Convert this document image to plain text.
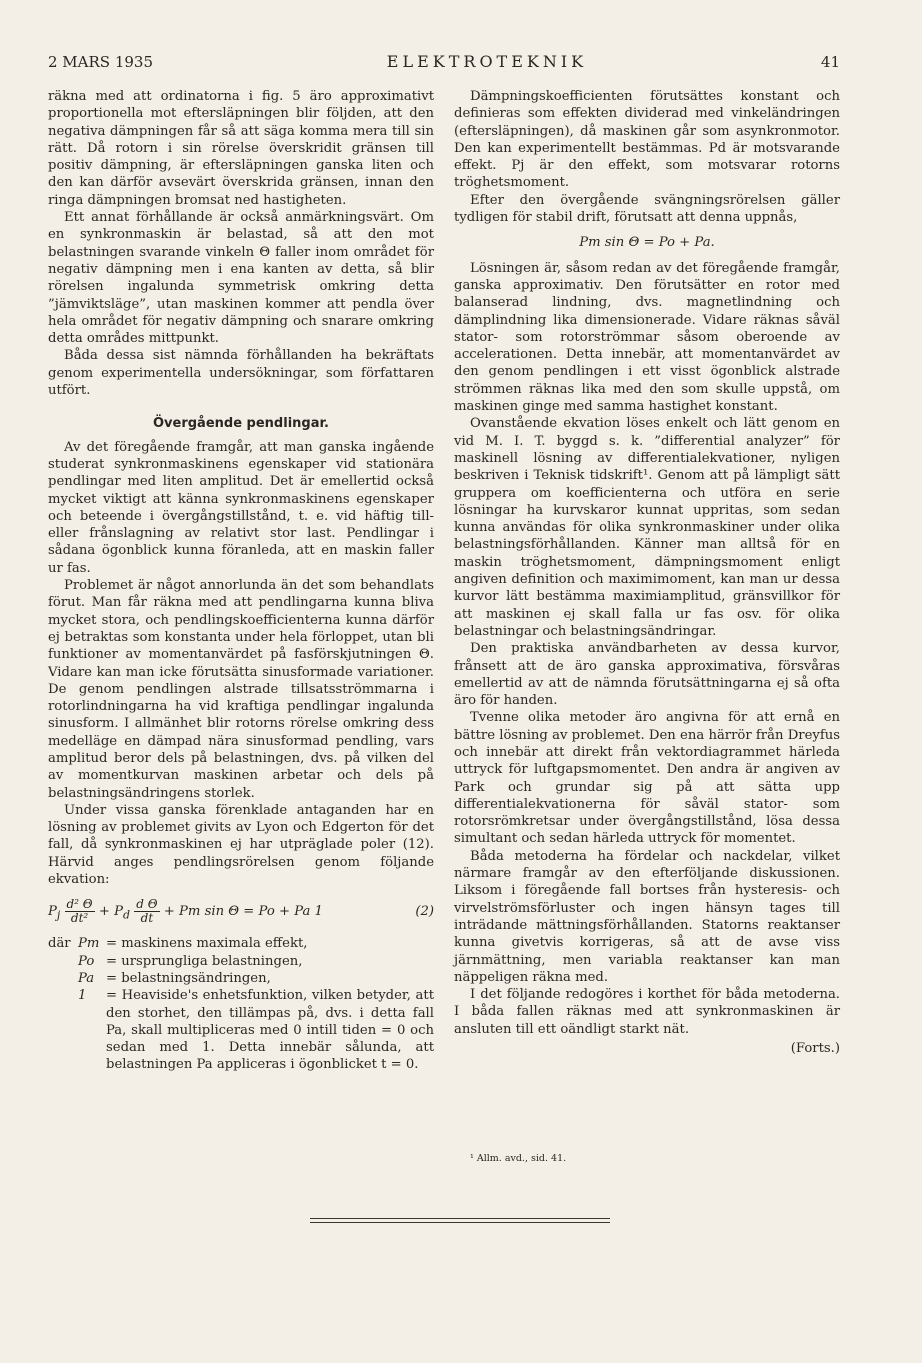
2 MARS 1935	ELEKTROTEKNIK	41

räkna med att ordinatorna i fig. 5 äro approximativt proportionella mot eftersläpningen blir följden, att den negativa dämpningen får så att säga komma mera till sin rätt. Då rotorn i sin rörelse överskridit gränsen till positiv dämpning, är eftersläpningen ganska liten och den kan därför avsevärt överskrida gränsen, innan den ringa dämpningen bromsat ned hastigheten.

Ett annat förhållande är också anmärkningsvärt. Om en synkronmaskin är belastad, så att den mot belastningen svarande vinkeln Θ faller inom området för negativ dämpning men i ena kanten av detta, så blir rörelsen ingalunda symmetrisk omkring detta ”jämviktsläge”, utan maskinen kommer att pendla över hela området för negativ dämpning och snarare omkring detta områdes mittpunkt.

Båda dessa sist nämnda förhållanden ha bekräftats genom experimentella undersökningar, som författaren utfört.

Övergående pendlingar.

Av det föregående framgår, att man ganska ingående studerat synkronmaskinens egenskaper vid stationära pendlingar med liten amplitud. Det är emellertid också mycket viktigt att känna synkronmaskinens egenskaper och beteende i övergångstillstånd, t. e. vid häftig till- eller frånslagning av relativt stor last. Pendlingar i sådana ögonblick kunna föranleda, att en maskin faller ur fas.

Problemet är något annorlunda än det som behandlats förut. Man får räkna med att pendlingarna kunna bliva mycket stora, och pendlingskoefficienterna kunna därför ej betraktas som konstanta under hela förloppet, utan bli funktioner av momentanvärdet på fasförskjutningen Θ. Vidare kan man icke förutsätta sinusformade variationer. De genom pendlingen alstrade tillsatsströmmarna i rotorlindningarna ha vid kraftiga pendlingar ingalunda sinusform. I allmänhet blir rotorns rörelse omkring dess medelläge en dämpad nära sinusformad pendling, vars amplitud beror dels på belastningen, dvs. på vilken del av momentkurvan maskinen arbetar och dels på belastningsändringens storlek.

Under vissa ganska förenklade antaganden har en lösning av problemet givits av Lyon och Edgerton för det fall, då synkronmaskinen ej har utpräglade poler (12). Härvid anges pendlingsrörelsen genom följande ekvation:

$P_j \frac{\text{d² Θ}}{\text{dt²}} + P_d \frac{\text{d Θ}}{dt} + Pm$ sin Θ = Po + Pa 1	(2)
där Pm = maskinens maximala effekt,
Po = ursprungliga belastningen,
Pa = belastningsändringen,
1	= Heaviside's enhetsfunktion, vilken betyder, att den storhet, den tillämpas på, dvs. i detta fall Pa, skall multipliceras med 0 intill tiden = 0 och sedan med 1. Detta innebär sålunda, att belastningen Pa appliceras i ögonblicket t = 0.

Dämpningskoefficienten förutsättes konstant och definieras som effekten dividerad med vinkeländringen (eftersläpningen), då maskinen går som asynkronmotor. Den kan experimentellt bestämmas. Pd är motsvarande effekt. Pj är den effekt, som motsvarar rotorns tröghetsmoment.

Efter den övergående svängningsrörelsen gäller tydligen för stabil drift, förutsatt att denna uppnås,

Pm sin Θ = Po + Pa.

Lösningen är, såsom redan av det föregående framgår, ganska approximativ. Den förutsätter en rotor med balanserad lindning, dvs. magnetlindning och dämplindning lika dimensionerade. Vidare räknas såväl stator- som rotorströmmar såsom oberoende av accelerationen. Detta innebär, att momentanvärdet av den genom pendlingen i ett visst ögonblick alstrade strömmen räknas lika med den som skulle uppstå, om maskinen ginge med samma hastighet konstant.

Ovanstående ekvation löses enkelt och lätt genom en vid M. I. T. byggd s. k. ”differential analyzer” för maskinell lösning av differentialekvationer, nyligen beskriven i Teknisk tidskrift¹. Genom att på lämpligt sätt gruppera om koefficienterna och utföra en serie lösningar ha kurvskaror kunnat uppritas, som sedan kunna användas för olika synkronmaskiner under olika belastningsförhållanden. Känner man alltså för en maskin tröghetsmoment, dämpningsmoment enligt angiven definition och maximimoment, kan man ur dessa kurvor lätt bestämma maximiamplitud, gränsvillkor för att maskinen ej skall falla ur fas osv. för olika belastningar och belastningsändringar.

Den praktiska användbarheten av dessa kurvor, frånsett att de äro ganska approximativa, försvåras emellertid av att de nämnda förutsättningarna ej så ofta äro för handen.

Tvenne olika metoder äro angivna för att ernå en bättre lösning av problemet. Den ena härrör från Dreyfus och innebär att direkt från vektordiagrammet härleda uttryck för luftgapsmomentet. Den andra är angiven av Park och grundar sig på att sätta upp differentialekvationerna för såväl stator- som rotorsrömkretsar under övergångstillstånd, lösa dessa simultant och sedan härleda uttryck för momentet.

Båda metoderna ha fördelar och nackdelar, vilket närmare framgår av den efterföljande diskussionen. Liksom i föregående fall bortses från hysteresis- och virvelströmsförluster och ingen hänsyn tages till inträdande mättningsförhållanden. Statorns reaktanser kunna givetvis korrigeras, så att de avse viss järnmättning, men variabla reaktanser kan man näppeligen räkna med.

I det följande redogöres i korthet för båda metoderna. I båda fallen räknas med att synkronmaskinen är ansluten till ett oändligt starkt nät.

(Forts.)
¹ Allm. avd., sid. 41.
